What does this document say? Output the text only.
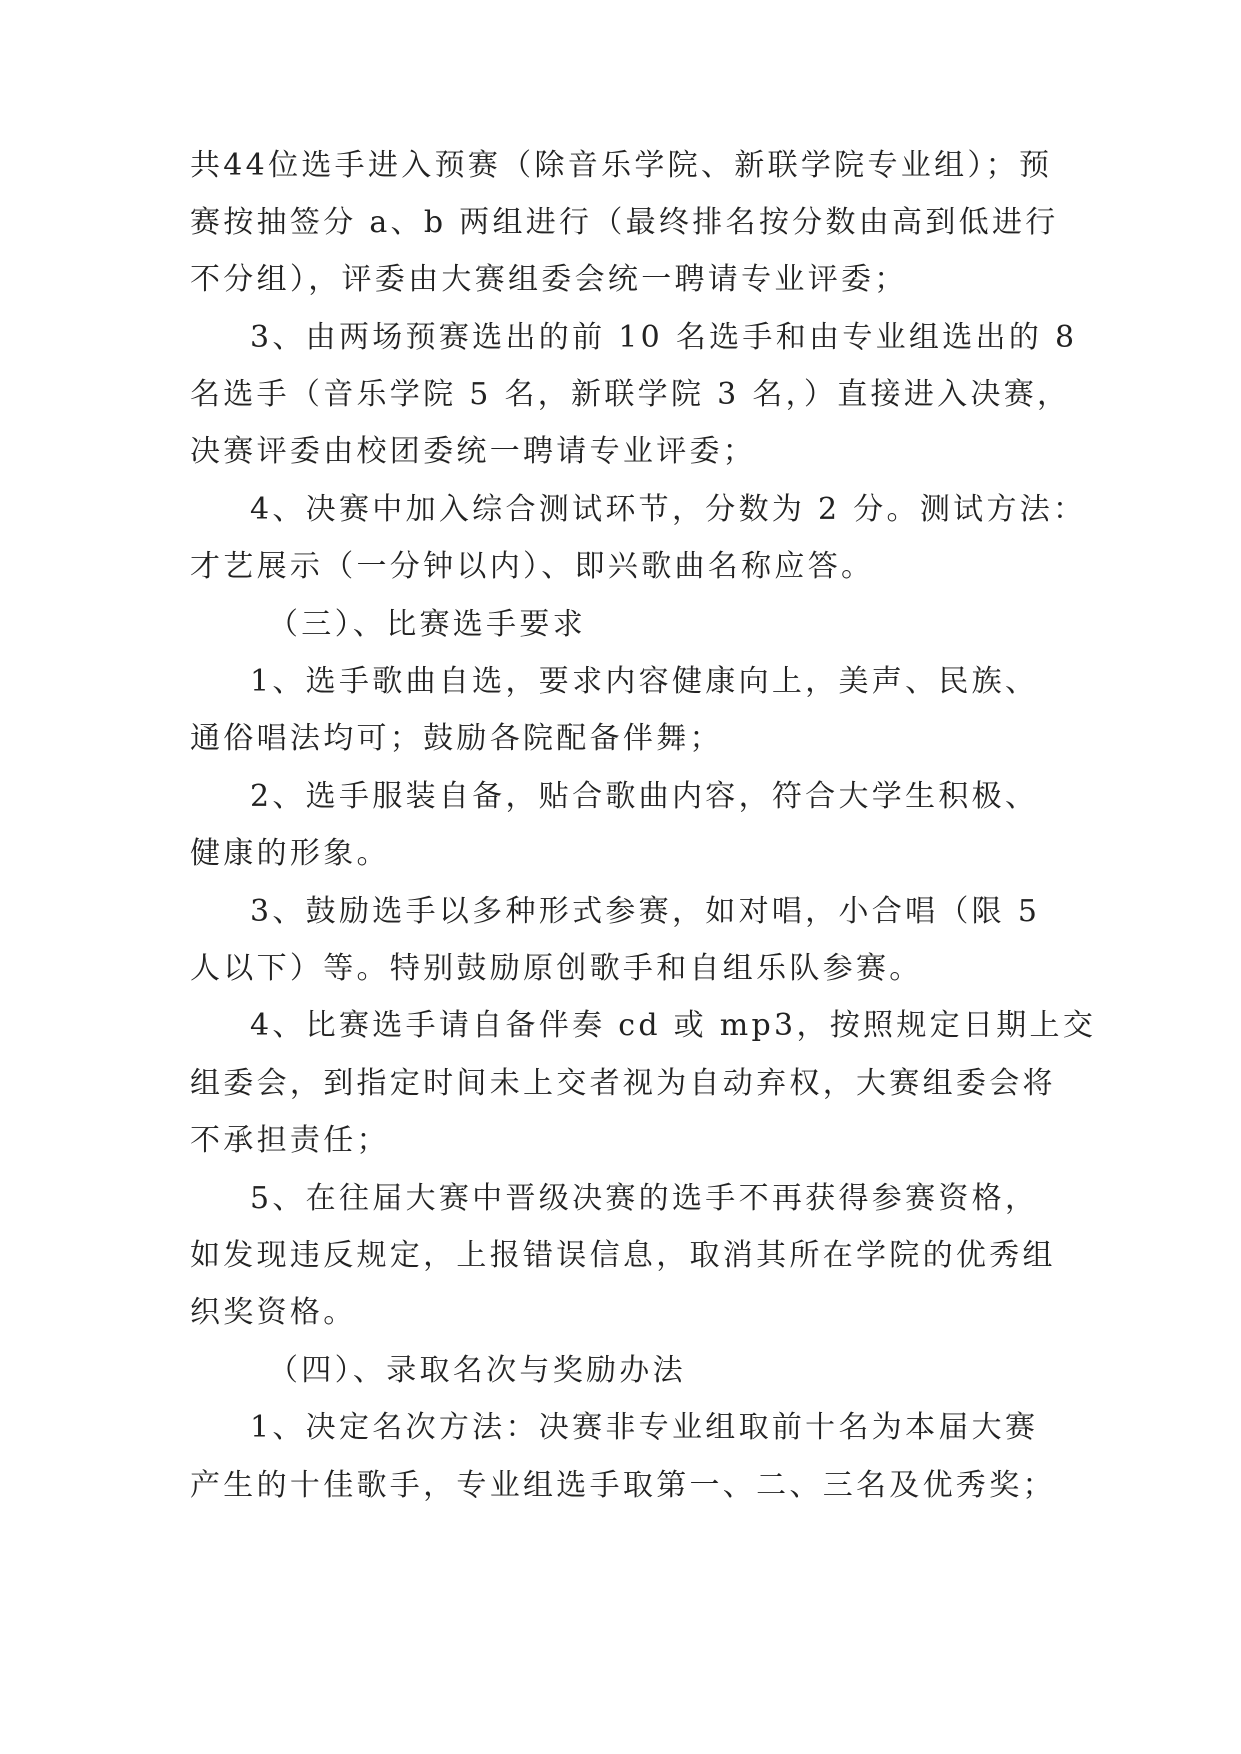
共44位选手进入预赛（除音乐学院、新联学院专业组）；预
赛按抽签分 a、b 两组进行（最终排名按分数由高到低进行
不分组），评委由大赛组委会统一聘请专业评委；
3、由两场预赛选出的前 10 名选手和由专业组选出的 8
名选手（音乐学院 5 名，新联学院 3 名，）直接进入决赛，
决赛评委由校团委统一聘请专业评委；
4、决赛中加入综合测试环节，分数为 2 分。测试方法：
才艺展示（一分钟以内）、即兴歌曲名称应答。
（三）、比赛选手要求
1、选手歌曲自选，要求内容健康向上，美声、民族、
通俗唱法均可；鼓励各院配备伴舞；
2、选手服装自备，贴合歌曲内容，符合大学生积极、
健康的形象。
3、鼓励选手以多种形式参赛，如对唱，小合唱（限 5
人以下）等。特别鼓励原创歌手和自组乐队参赛。
4、比赛选手请自备伴奏 cd 或 mp3，按照规定日期上交
组委会，到指定时间未上交者视为自动弃权，大赛组委会将
不承担责任；
5、在往届大赛中晋级决赛的选手不再获得参赛资格，
如发现违反规定，上报错误信息，取消其所在学院的优秀组
织奖资格。
（四）、录取名次与奖励办法
1、决定名次方法：决赛非专业组取前十名为本届大赛
产生的十佳歌手，专业组选手取第一、二、三名及优秀奖；
